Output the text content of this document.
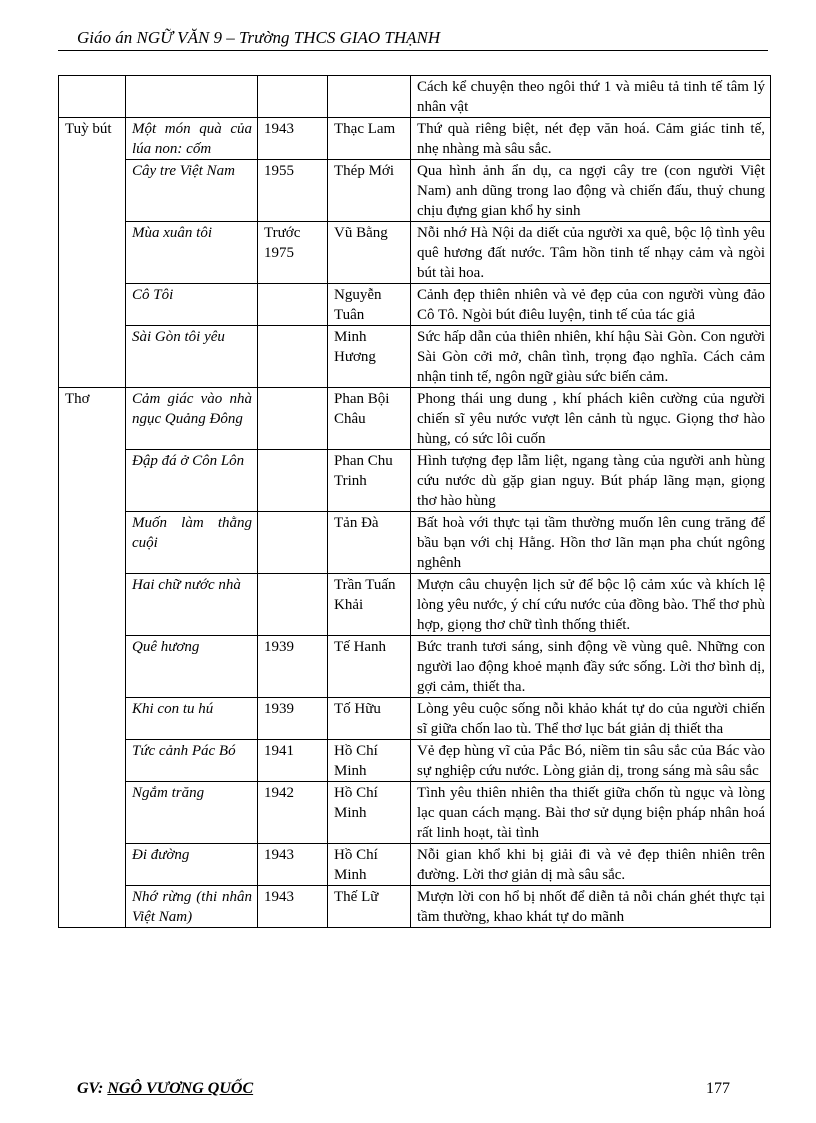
Giáo án NGỮ VĂN 9 – Trường THCS GIAO THẠNH
				Cách kể chuyện theo ngôi thứ 1 và miêu tả tinh tế tâm lý nhân vật
Tuỳ bút	Một món quà của lúa non: cốm	1943	Thạc Lam	Thứ quà riêng biệt, nét đẹp văn hoá. Cảm giác tinh tế, nhẹ nhàng mà sâu sắc.
	Cây tre Việt Nam	1955	Thép Mới	Qua hình ảnh ẩn dụ, ca ngợi cây tre (con người Việt Nam) anh dũng trong lao động và chiến đấu, thuỷ chung chịu đựng gian khổ hy sinh
	Mùa xuân tôi	Trước 1975	Vũ Bằng	Nỗi nhớ Hà Nội da diết của người xa quê, bộc lộ tình yêu quê hương đất nước. Tâm hồn tinh tế nhạy cảm và ngòi bút tài hoa.
	Cô Tôi		Nguyễn Tuân	Cảnh đẹp thiên nhiên và vẻ đẹp của con người vùng đảo Cô Tô. Ngòi bút điêu luyện, tinh tế của tác giả
	Sài Gòn tôi yêu		Minh Hương	Sức hấp dẫn của thiên nhiên, khí hậu Sài Gòn. Con người Sài Gòn cởi mở, chân tình, trọng đạo nghĩa. Cách cảm nhận tinh tế, ngôn ngữ giàu sức biến cảm.
Thơ	Cảm giác vào nhà ngục Quảng Đông		Phan Bội Châu	Phong thái ung dung , khí phách kiên cường của người chiến sĩ yêu nước vượt lên cảnh tù ngục. Giọng thơ hào hùng, có sức lôi cuốn
	Đập đá ở Côn Lôn		Phan Chu Trinh	Hình tượng đẹp lẫm liệt, ngang tàng của người anh hùng cứu nước dù gặp gian nguy. Bút pháp lãng mạn, giọng thơ hào hùng
	Muốn làm thằng cuội		Tản Đà	Bất hoà với thực tại tầm thường muốn lên cung trăng để bầu bạn với chị Hằng. Hồn thơ lãn mạn pha chút ngông nghênh
	Hai chữ nước nhà		Trần Tuấn Khải	Mượn câu chuyện lịch sử để bộc lộ cảm xúc và khích lệ lòng yêu nước, ý chí cứu nước của đồng bào. Thể thơ phù hợp, giọng thơ chữ tình thống thiết.
	Quê hương	1939	Tế Hanh	Bức tranh tươi sáng, sinh động về vùng quê. Những con người lao động khoẻ mạnh đầy sức sống. Lời thơ bình dị, gợi cảm, thiết tha.
	Khi con tu hú	1939	Tố Hữu	Lòng yêu cuộc sống nỗi khảo khát tự do của người chiến sĩ giữa chốn lao tù. Thể thơ lục bát giản dị thiết tha
	Tức cảnh Pác Bó	1941	Hồ Chí Minh	Vẻ đẹp hùng vĩ của Pắc Bó, niềm tin sâu sắc của Bác vào sự nghiệp cứu nước. Lòng giản dị, trong sáng mà sâu sắc
	Ngắm trăng	1942	Hồ Chí Minh	Tình yêu thiên nhiên tha thiết giữa chốn tù ngục và lòng lạc quan cách mạng. Bài thơ sử dụng biện pháp nhân hoá rất linh hoạt, tài tình
	Đi đường	1943	Hồ Chí Minh	Nỗi gian khổ khi bị giải đi và vẻ đẹp thiên nhiên trên đường. Lời thơ giản dị mà sâu sắc.
	Nhớ rừng (thi nhân Việt Nam)	1943	Thế Lữ	Mượn lời con hổ bị nhốt để diễn tả nỗi chán ghét thực tại tầm thường, khao khát tự do mãnh
GV: NGÔ VƯƠNG QUỐC	177
